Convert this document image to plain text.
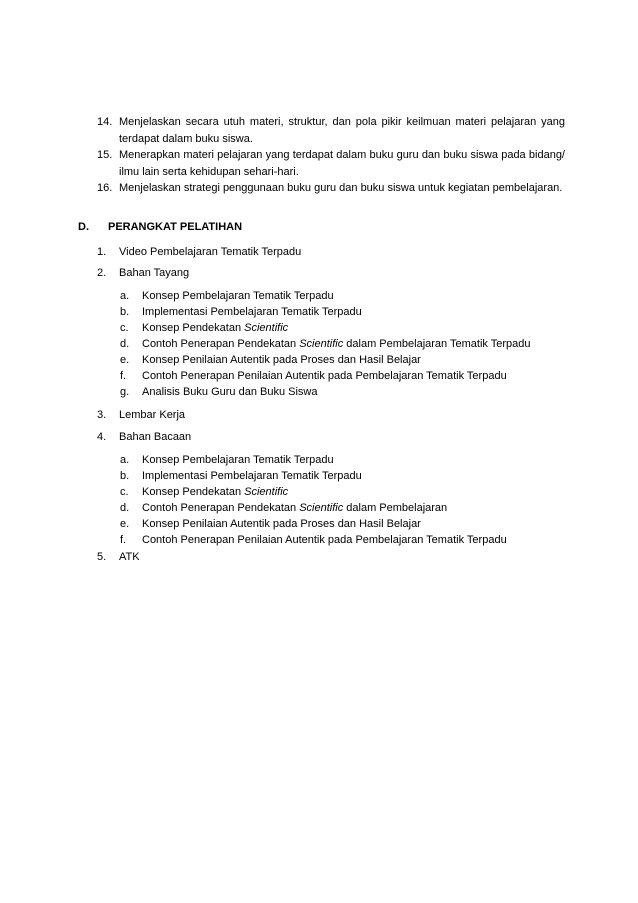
14. Menjelaskan secara utuh materi, struktur, dan pola pikir keilmuan materi pelajaran yang
terdapat dalam buku siswa.
15. Menerapkan materi pelajaran yang terdapat dalam buku guru dan buku siswa pada bidang/
ilmu lain serta kehidupan sehari-hari.
16. Menjelaskan strategi penggunaan buku guru dan buku siswa untuk kegiatan pembelajaran.
D. PERANGKAT PELATIHAN
1. Video Pembelajaran Tematik Terpadu
2. Bahan Tayang
a. Konsep Pembelajaran Tematik Terpadu
b. Implementasi Pembelajaran Tematik Terpadu
c. Konsep Pendekatan Scientific
d. Contoh Penerapan Pendekatan Scientific dalam Pembelajaran Tematik Terpadu
e. Konsep Penilaian Autentik pada Proses dan Hasil Belajar
f. Contoh Penerapan Penilaian Autentik pada Pembelajaran Tematik Terpadu
g. Analisis Buku Guru dan Buku Siswa
3. Lembar Kerja
4. Bahan Bacaan
a. Konsep Pembelajaran Tematik Terpadu
b. Implementasi Pembelajaran Tematik Terpadu
c. Konsep Pendekatan Scientific
d. Contoh Penerapan Pendekatan Scientific dalam Pembelajaran
e. Konsep Penilaian Autentik pada Proses dan Hasil Belajar
f. Contoh Penerapan Penilaian Autentik pada Pembelajaran Tematik Terpadu
5. ATK
